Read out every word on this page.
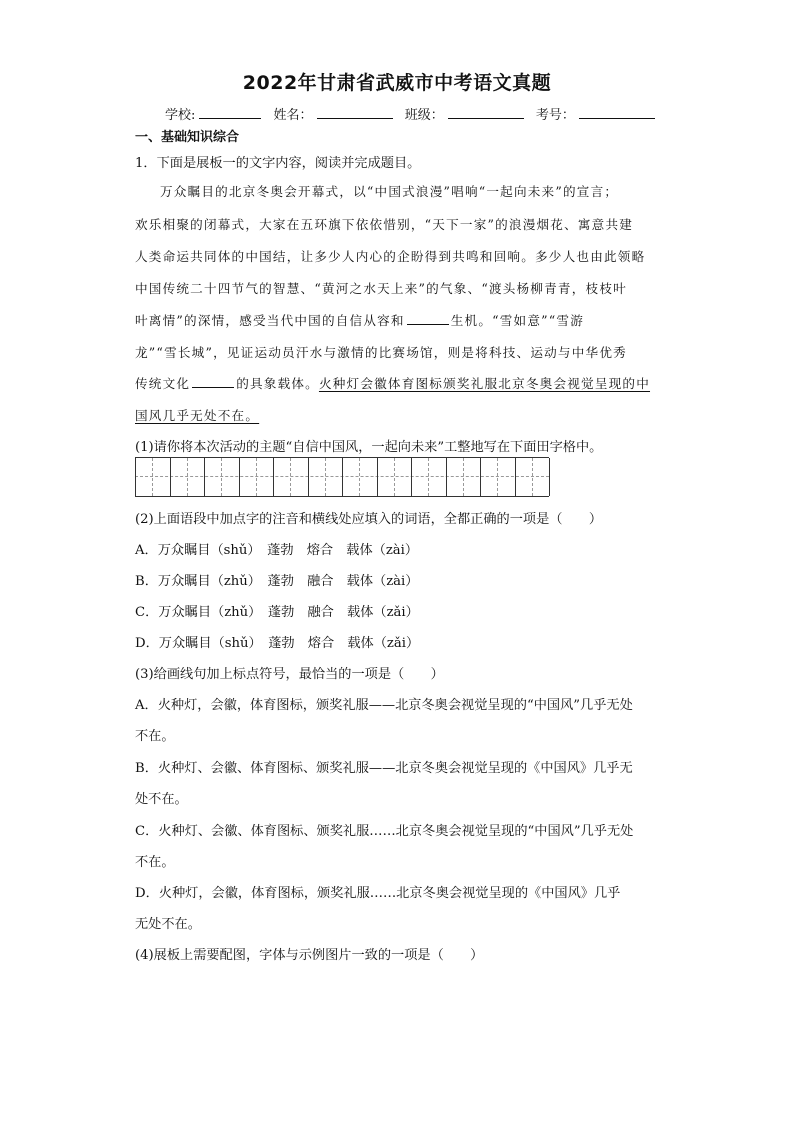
2022年甘肃省武威市中考语文真题
学校:	姓名：	班级：	考号：
一、基础知识综合
1．下面是展板一的文字内容，阅读并完成题目。
万众瞩目的北京冬奥会开幕式，以“中国式浪漫”唱响“一起向未来”的宣言；
欢乐相聚的闭幕式，大家在五环旗下依依惜别，“天下一家”的浪漫烟花、寓意共建
人类命运共同体的中国结，让多少人内心的企盼得到共鸣和回响。多少人也由此领略
中国传统二十四节气的智慧、“黄河之水天上来”的气象、“渡头杨柳青青，枝枝叶
叶离情”的深情，感受当代中国的自信从容和	生机。“雪如意”“雪游
龙”“雪长城”，见证运动员汗水与激情的比赛场馆，则是将科技、运动与中华优秀
传统文化	的具象载体。火种灯会徽体育图标颁奖礼服北京冬奥会视觉呈现的中
国风几乎无处不在。
(1)请你将本次活动的主题“自信中国风，一起向未来”工整地写在下面田字格中。
(2)上面语段中加点字的注音和横线处应填入的词语，全都正确的一项是（　　）
A．万众瞩目（shǔ）　蓬勃　熔合　载体（zài）
B．万众瞩目（zhǔ）　蓬勃　融合　载体（zài）
C．万众瞩目（zhǔ）　蓬勃　融合　载体（zǎi）
D．万众瞩目（shǔ）　蓬勃　熔合　载体（zǎi）
(3)给画线句加上标点符号，最恰当的一项是（　　）
A．火种灯，会徽，体育图标，颁奖礼服——北京冬奥会视觉呈现的“中国风”几乎无处
不在。
B．火种灯、会徽、体育图标、颁奖礼服——北京冬奥会视觉呈现的《中国风》几乎无
处不在。
C．火种灯、会徽、体育图标、颁奖礼服……北京冬奥会视觉呈现的“中国风”几乎无处
不在。
D．火种灯，会徽，体育图标，颁奖礼服……北京冬奥会视觉呈现的《中国风》几乎
无处不在。
(4)展板上需要配图，字体与示例图片一致的一项是（　　）
